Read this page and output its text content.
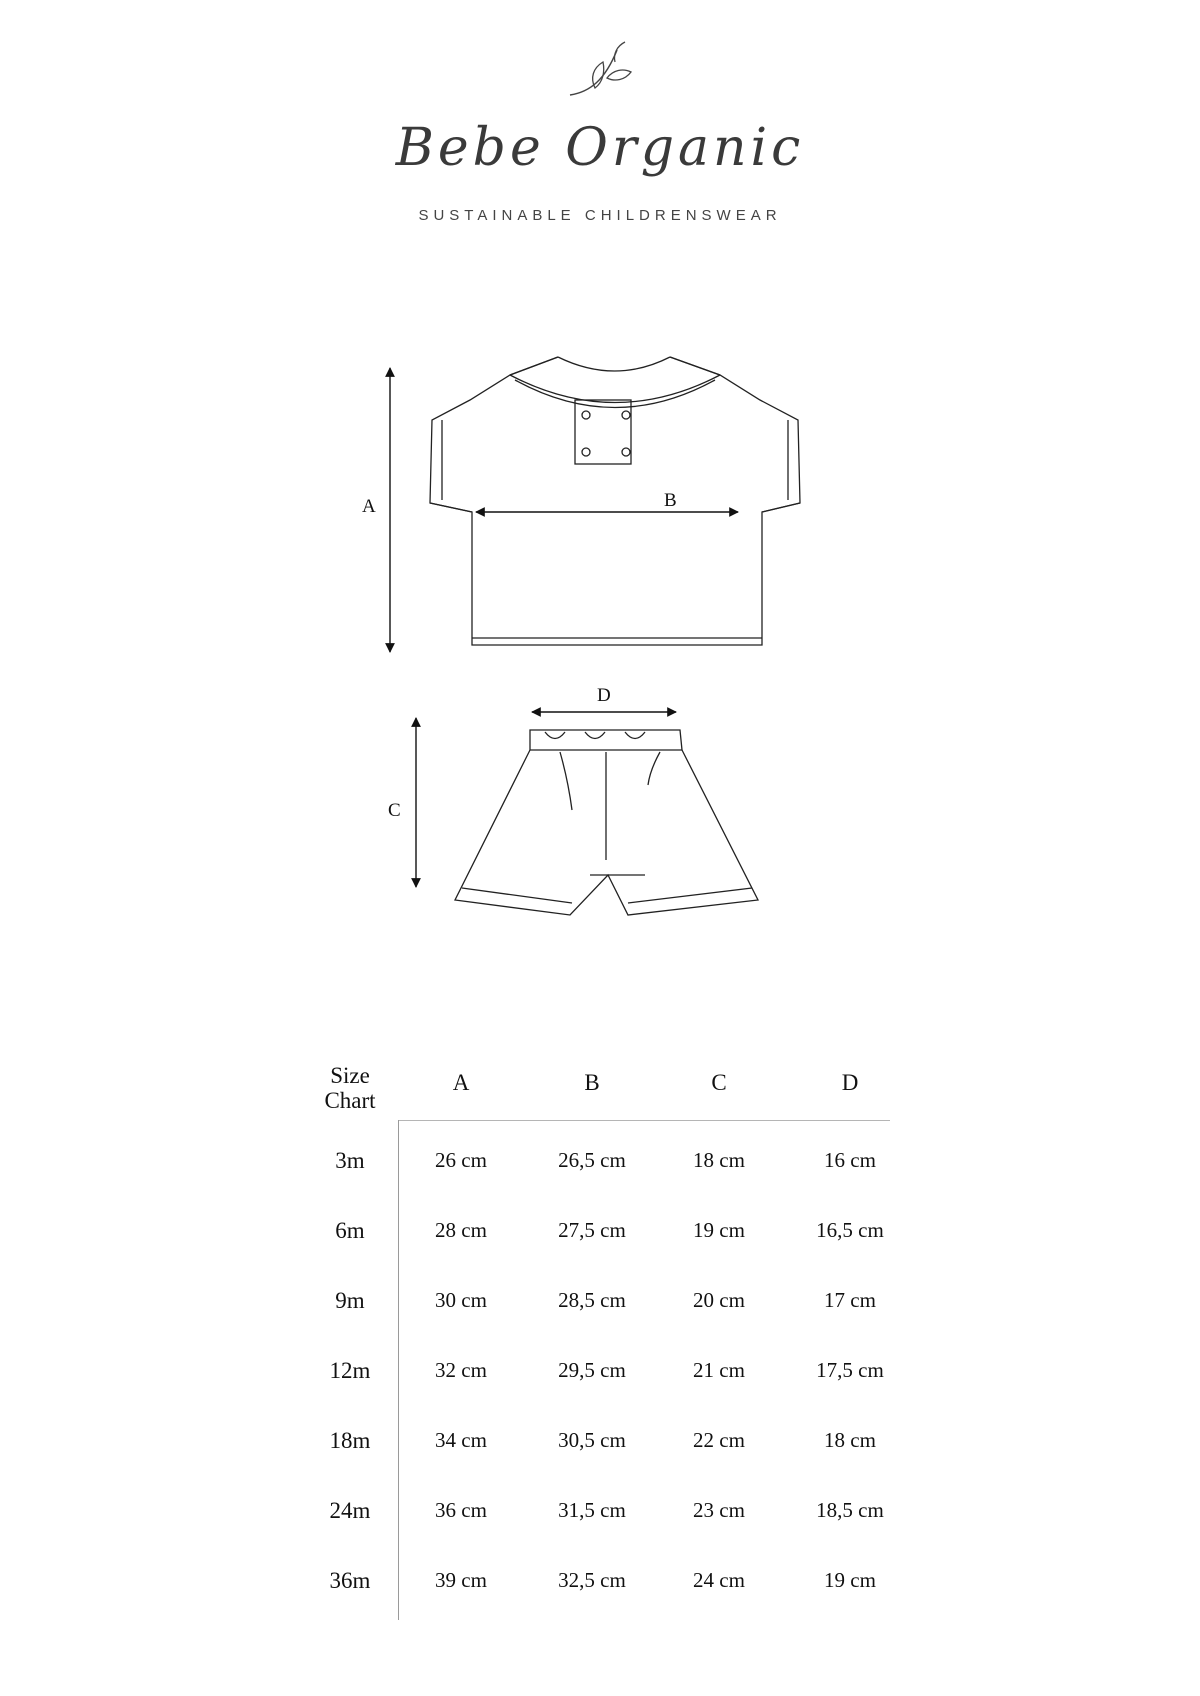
Bebe Organic
SUSTAINABLE CHILDRENSWEAR
A	B
C
D
Size
Chart
A	B	C	D
3m	26 cm	26,5 cm	18 cm	16 cm
6m	28 cm	27,5 cm	19 cm	16,5 cm
9m	30 cm	28,5 cm	20 cm	17 cm
12m	32 cm	29,5 cm	21 cm	17,5 cm
18m	34 cm	30,5 cm	22 cm	18 cm
24m	36 cm	31,5 cm	23 cm	18,5 cm
36m	39 cm	32,5 cm	24 cm	19 cm
